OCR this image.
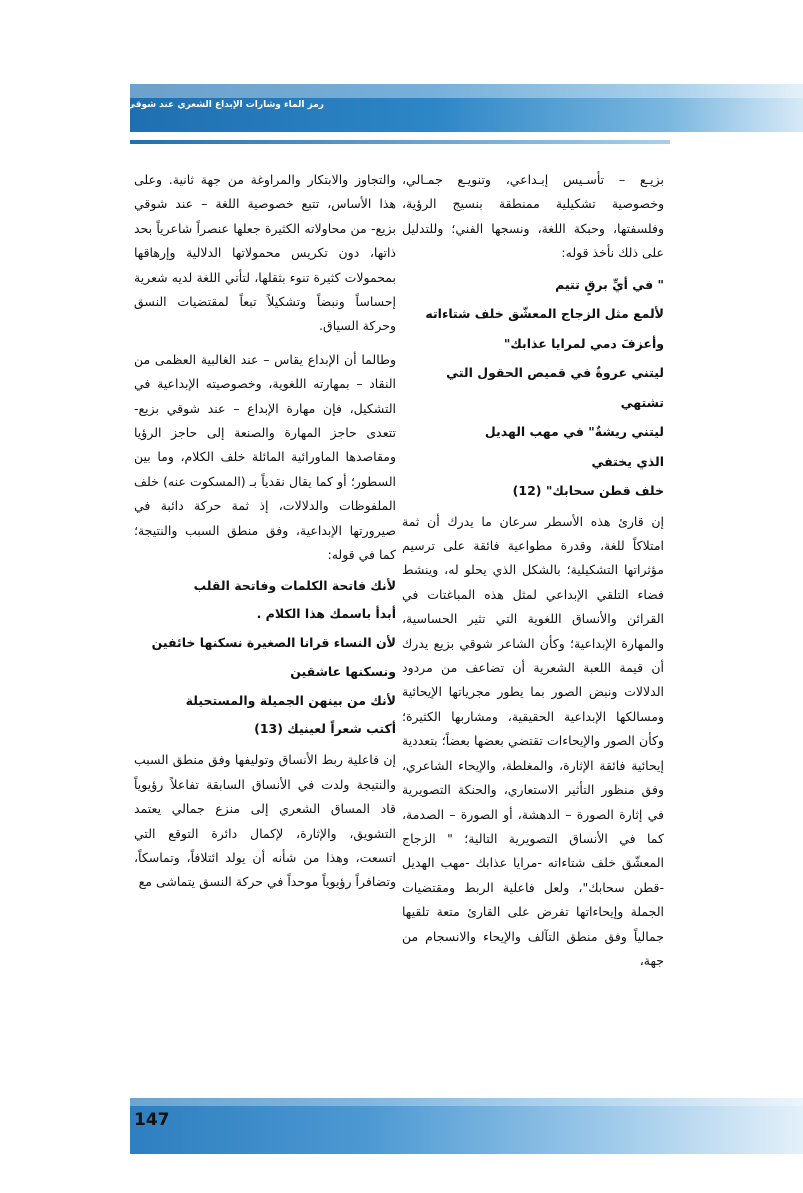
رمز الماء وشارات الإبداع الشعري عند شوقي بزيع

بزيـع – تأسـيس إبـداعي، وتنويـع جمـالي، وخصوصية تشكيلية ممنطقة بنسيج الرؤية، وفلسفتها، وحبكة اللغة، ونسجها الفني؛ وللتدليل على ذلك نأخذ قوله:

" في أيِّ برقٍ تتيم

لألمع مثل الزجاج المعشّق خلف شتاءاته

وأعزفَ دمي لمرايا عذابك"

ليتني عروةٌ في قميص الحقول التي تشتهي

ليتني ريشةٌ" في مهب الهديل

الذي يختفي

خلف قطن سحابك" (12)

إن قارئ هذه الأسطر سرعان ما يدرك أن ثمة امتلاكاً للغة، وقدرة مطواعية فائقة على ترسيم مؤثراتها التشكيلية؛ بالشكل الذي يحلو له، وينشط فضاء التلقي الإبداعي لمثل هذه المباغتات في القرائن والأنساق اللغوية التي تثير الحساسية، والمهارة الإبداعية؛ وكأن الشاعر شوقي بزيع يدرك أن قيمة اللعبة الشعرية أن تضاعف من مردود الدلالات ونبض الصور بما يطور مجرياتها الإيحائية ومسالكها الإبداعية الحقيقية، ومشاربها الكثيرة؛ وكأن الصور والإيحاءات تقتضي بعضها بعضاً؛ بتعددية إيحائية فائقة الإثارة، والمغلطة، والإيحاء الشاعري، وفق منظور التأثير الاستعاري، والحنكة التصويرية في إثارة الصورة – الدهشة، أو الصورة – الصدمة، كما في الأنساق التصويرية التالية؛ " الزجاج المعشّق خلف شتاءاته -مرايا عذابك -مهب الهديل -قطن سحابك"، ولعل فاعلية الربط ومقتضيات الجملة وإيحاءاتها تفرض على القارئ متعة تلقيها جمالياً وفق منطق التآلف والإيحاء والانسجام من جهة،

والتجاوز والابتكار والمراوغة من جهة ثانية. وعلى هذا الأساس، تتبع خصوصية اللغة – عند شوقي بزيع- من محاولاته الكثيرة جعلها عنصراً شاعرياً بحد ذاتها، دون تكريس محمولاتها الدلالية وإرهاقها بمحمولات كثيرة تنوء بثقلها، لتأتي اللغة لديه شعرية إحساساً ونبضاً وتشكيلاً تبعاً لمقتضيات النسق وحركة السياق.

وطالما أن الإبداع يقاس – عند الغالبية العظمى من النقاد – بمهارته اللغوية، وخصوصيته الإبداعية في التشكيل، فإن مهارة الإبداع – عند شوقي بزيع- تتعدى حاجز المهارة والصنعة إلى حاجز الرؤيا ومقاصدها الماورائية المائلة خلف الكلام، وما بين السطور؛ أو كما يقال نقدياً بـ (المسكوت عنه) خلف الملفوظات والدلالات، إذ ثمة حركة دائبة في صيرورتها الإبداعية، وفق منطق السبب والنتيجة؛ كما في قوله:

لأنك فاتحة الكلمات وفاتحة القلب

أبدأ باسمك هذا الكلام .

لأن النساء قرانا الصغيرة نسكنها خائفين

ونسكنها عاشقين

لأنك من بينهن الجميلة والمستحيلة

أكتب شعراً لعينيك (13)

إن فاعلية ربط الأنساق وتوليفها وفق منطق السبب والنتيجة ولدت في الأنساق السابقة تفاعلاً رؤيوياً قاد المساق الشعري إلى منزع جمالي يعتمد التشويق، والإثارة، لإكمال دائرة التوقع التي اتسعت، وهذا من شأنه أن يولد ائتلافاً، وتماسكاً، وتضافراً رؤيوياً موحداً في حركة النسق يتماشى مع

147
